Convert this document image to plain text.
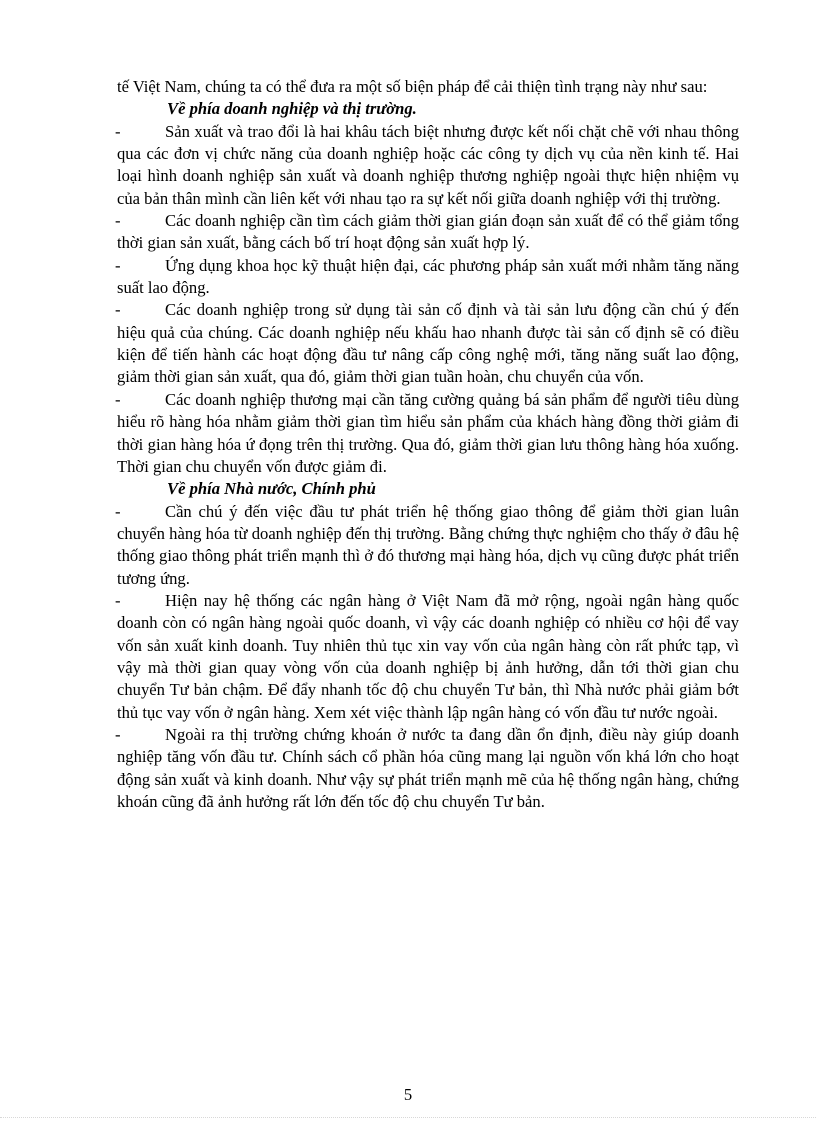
tế Việt Nam, chúng ta có thể đưa ra một số biện pháp để cải thiện tình trạng này như sau:

Về phía doanh nghiệp và thị trường.

-	Sản xuất và trao đổi là hai khâu tách biệt nhưng được kết nối chặt chẽ với nhau thông qua các đơn vị chức năng của doanh nghiệp hoặc các công ty dịch vụ của nền kinh tế. Hai loại hình doanh nghiệp sản xuất và doanh nghiệp thương nghiệp ngoài thực hiện nhiệm vụ của bản thân mình cần liên kết với nhau tạo ra sự kết nối giữa doanh nghiệp với thị trường.

-	Các doanh nghiệp cần tìm cách giảm thời gian gián đoạn sản xuất để có thể giảm tổng thời gian sản xuất, bằng cách bố trí hoạt động sản xuất hợp lý.

-	Ứng dụng khoa học kỹ thuật hiện đại, các phương pháp sản xuất mới nhằm tăng năng suất lao động.

-	Các doanh nghiệp trong sử dụng tài sản cố định và tài sản lưu động cần chú ý đến hiệu quả của chúng. Các doanh nghiệp nếu khấu hao nhanh được tài sản cố định sẽ có điều kiện để tiến hành các hoạt động đầu tư nâng cấp công nghệ mới, tăng năng suất lao động, giảm thời gian sản xuất, qua đó, giảm thời gian tuần hoàn, chu chuyển của vốn.

-	Các doanh nghiệp thương mại cần tăng cường quảng bá sản phẩm để người tiêu dùng hiểu rõ hàng hóa nhằm giảm thời gian tìm hiểu sản phẩm của khách hàng đồng thời giảm đi thời gian hàng hóa ứ đọng trên thị trường. Qua đó, giảm thời gian lưu thông hàng hóa xuống. Thời gian chu chuyển vốn được giảm đi.

Về phía Nhà nước, Chính phủ

-	Cần chú ý đến việc đầu tư phát triển hệ thống giao thông để giảm thời gian luân chuyển hàng hóa từ doanh nghiệp đến thị trường. Bằng chứng thực nghiệm cho thấy ở đâu hệ thống giao thông phát triển mạnh thì ở đó thương mại hàng hóa, dịch vụ cũng được phát triển tương ứng.

-	Hiện nay hệ thống các ngân hàng ở Việt Nam đã mở rộng, ngoài ngân hàng quốc doanh còn có ngân hàng ngoài quốc doanh, vì vậy các doanh nghiệp có nhiều cơ hội để vay vốn sản xuất kinh doanh. Tuy nhiên thủ tục xin vay vốn của ngân hàng còn rất phức tạp, vì vậy mà thời gian quay vòng vốn của doanh nghiệp bị ảnh hưởng, dẫn tới thời gian chu chuyển Tư bản chậm. Để đẩy nhanh tốc độ chu chuyển Tư bản, thì Nhà nước phải giảm bớt thủ tục vay vốn ở ngân hàng. Xem xét việc thành lập ngân hàng có vốn đầu tư nước ngoài.

-	Ngoài ra thị trường chứng khoán ở nước ta đang dần ổn định, điều này giúp doanh nghiệp tăng vốn đầu tư. Chính sách cổ phần hóa cũng mang lại nguồn vốn khá lớn cho hoạt động sản xuất và kinh doanh. Như vậy sự phát triển mạnh mẽ của hệ thống ngân hàng, chứng khoán cũng đã ảnh hưởng rất lớn đến tốc độ chu chuyển Tư bản.

5
